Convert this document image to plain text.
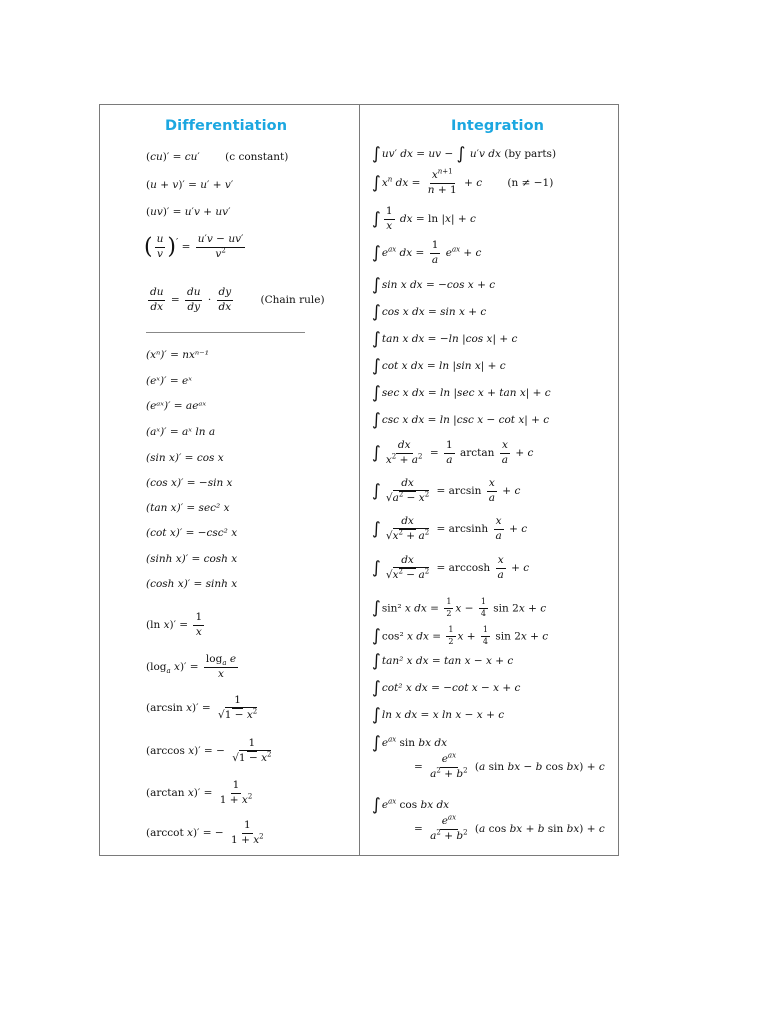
Differentiation	Integration
(cu)′ = cu′ (c constant)
(u + v)′ = u′ + v′
(uv)′ = u′v + uv′
( $\frac{u}{v} )' = \frac{u'v - uv'}{v^2}$
$\frac{du}{dx} = \frac{du}{dy} \cdot \frac{dy}{dx}$	(Chain rule)
(xⁿ)′ = nxⁿ⁻¹
(eˣ)′ = eˣ
(eᵃˣ)′ = aeᵃˣ
(aˣ)′ = aˣ ln a
(sin x)′ = cos x
(cos x)′ = −sin x
(tan x)′ = sec² x
(cot x)′ = −csc² x
(sinh x)′ = cosh x
(cosh x)′ = sinh x
(ln $x)' = \frac{1}{x}$
($\log_a$ $x)' = \frac{\log_a e}{x}$
(arcsin $x)' = \frac{1}{√1 - x^2}$
(arccos x)′ = − $\frac{1}{√1 - x^2}$
(arctan $x)' = \frac{1}{1 + x^2}$
(arccot x)′ = − $\frac{1}{1 + x^2}$
∫uv′ dx = uv − ∫ u′v dx (by parts)
$\int x^n$ dx = $\frac{x^{n+1}}{n + 1} + c$ (n ≠ −1)
∫ $\frac{1}{x}$ dx = ln |x| + c
$\int e^{ax}$ dx = $\frac{1}{a} e^{ax} + c$
∫sin x dx = −cos x + c
∫cos x dx = sin x + c
∫tan x dx = −ln |cos x| + c
∫cot x dx = ln |sin x| + c
∫sec x dx = ln |sec x + tan x| + c
∫csc x dx = ln |csc x − cot x| + c
∫ $\frac{dx}{x^2 + a^2} = \frac{1}{a}$ $\arctan \frac{x}{a} + c$
∫ $\frac{dx}{√a^2 - x^2} = \arcsin \frac{x}{a} + c$
∫ $\frac{dx}{√x^2 + a^2} = \arcsin h \frac{x}{a} + c$
∫ $\frac{dx}{√x^2 - a^2} = \arccos h \frac{x}{a} + c$
∫sin² x dx = $\frac{1}{2}$ $x - \frac{1}{4}$ sin 2x + c
∫cos² x dx = $\frac{1}{2}$ $x + \frac{1}{4}$ sin 2x + c
∫tan² x dx = tan x − x + c
∫cot² x dx = −cot x − x + c
∫ln x dx = x ln x − x + c
$\int e^{ax}$ sin bx dx
= $\frac{e^{ax}}{a^2 + b^2} (a$ sin bx − b cos bx) + c
$\int e^{ax}$ cos bx dx
= $\frac{e^{ax}}{a^2 + b^2} (a$ cos bx + b sin bx) + c
